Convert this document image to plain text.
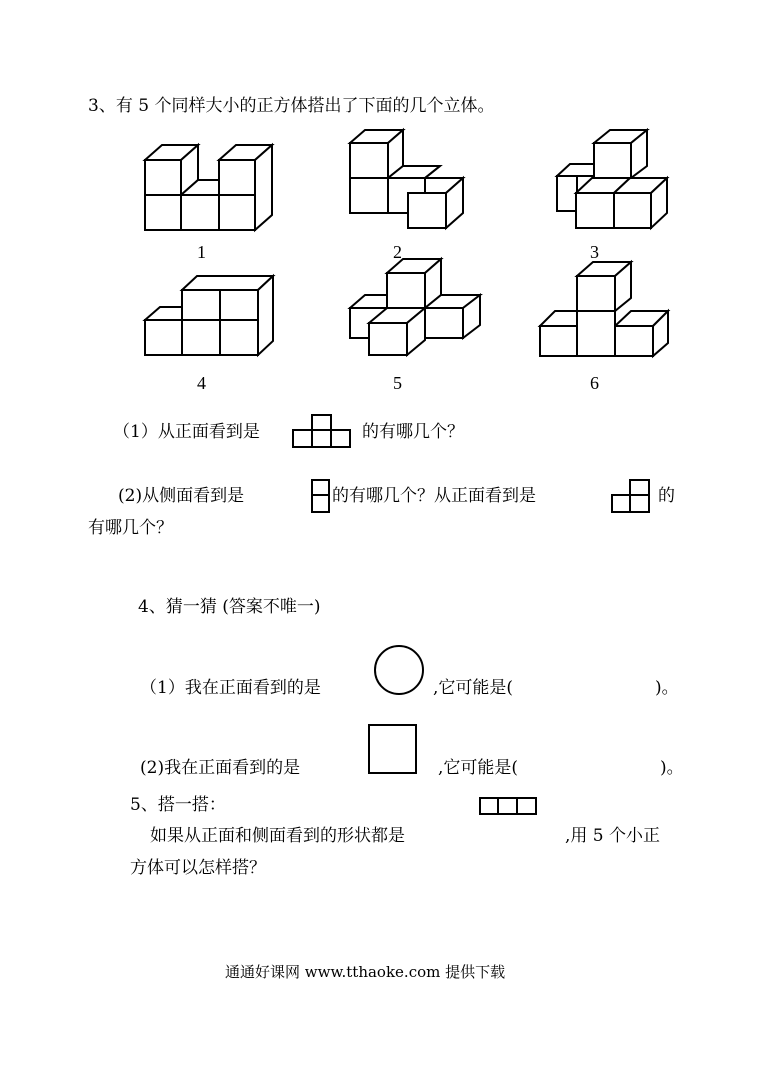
3、有 5 个同样大小的正方体搭出了下面的几个立体。
1	2	3
4	5	6
（1）从正面看到是	的有哪几个？
(2)从侧面看到是	的有哪几个？从正面看到是	的
有哪几个？
4、猜一猜 (答案不唯一)
（1）我在正面看到的是	,它可能是(	)。
(2)我在正面看到的是	,它可能是(	)。
5、搭一搭：
如果从正面和侧面看到的形状都是	,用 5 个小正
方体可以怎样搭？
通通好课网 www.tthaoke.com 提供下载
